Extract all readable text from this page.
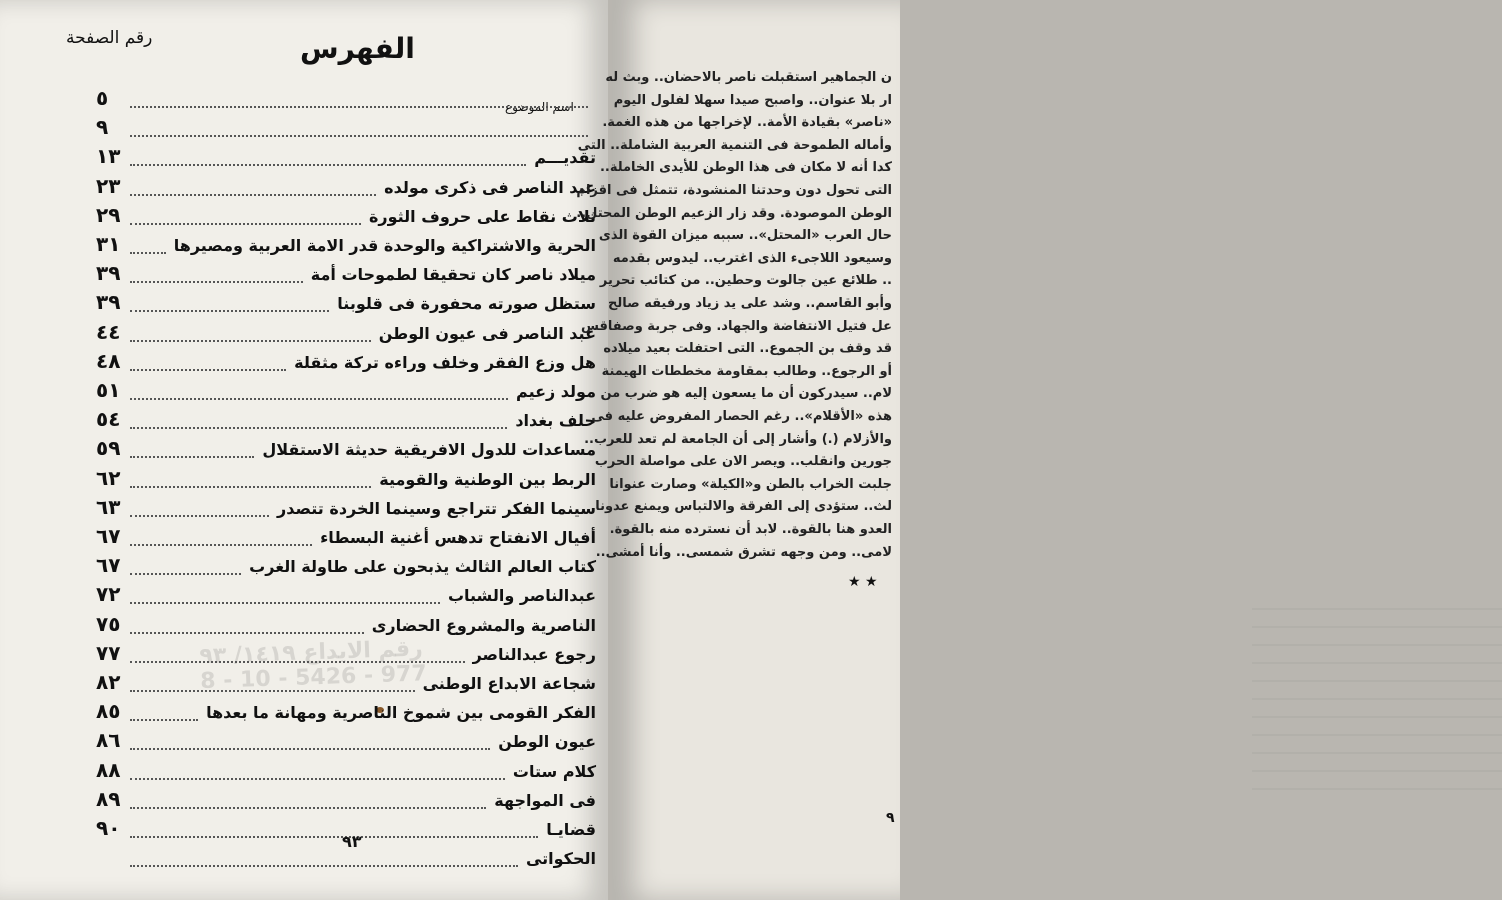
الفهرس
رقم الصفحة
اسم الموضوع
رقم الايداع ١٤١٩/ ٩٣ 977 - 5426 - 10 - 8
٥
٩
١٣	تقديـــم
٢٣	عبد الناصر فى ذكرى مولده
٢٩	ثلاث نقاط على حروف الثورة
٣١	الحرية والاشتراكية والوحدة قدر الامة العربية ومصيرها
٣٩	ميلاد ناصر كان تحقيقا لطموحات أمة
٣٩	ستظل صورته محفورة فى قلوبنا
٤٤	عبد الناصر فى عيون الوطن
٤٨	هل وزع الفقر وخلف وراءه تركة مثقلة
٥١	مولد زعيم
٥٤	حلف بغداد
٥٩	مساعدات للدول الافريقية حديثة الاستقلال
٦٢	الربط بين الوطنية والقومية
٦٣	سينما الفكر تتراجع وسينما الخردة تتصدر
٦٧	أفيال الانفتاح تدهس أغنية البسطاء
٦٧	كتاب العالم الثالث يذبحون على طاولة الغرب
٧٢	عبدالناصر والشباب
٧٥	الناصرية والمشروع الحضارى
٧٧	رجوع عبدالناصر
٨٢	شجاعة الابداع الوطنى
٨٥	الفكر القومى بين شموخ الناصرية ومهانة ما بعدها
٨٦	عيون الوطن
٨٨	كلام ستات
٨٩	فى المواجهة
٩٠	قضايـا
الحكواتى
٩٣
ن الجماهير استقبلت ناصر بالاحضان.. وبث له
ار بلا عنوان.. واصبح صيدا سهلا لفلول اليوم
«ناصر» بقيادة الأمة.. لإخراجها من هذه الغمة.
وأماله الطموحة فى التنمية العربية الشاملة.. التى
كدا أنه لا مكان فى هذا الوطن للأيدى الخاملة..
التى تحول دون وحدتنا المنشودة، تتمثل فى اقزام
الوطن الموصودة. وقد زار الزعيم الوطن المحتل..
حال العرب «المحتل».. سببه ميزان القوة الذى
وسيعود اللاجىء الذى اغترب.. ليدوس بقدمه
.. طلائع عين جالوت وحطين.. من كتائب تحرير
وأبو القاسم.. وشد على يد زياد ورفيقه صالح
عل فتيل الانتفاضة والجهاد. وفى جربة وصفاقس
قد وقف بن الجموع.. التى احتفلت بعيد ميلاده
أو الرجوع.. وطالب بمقاومة مخططات الهيمنة
لام.. سيدركون أن ما يسعون إليه هو ضرب من
هذه «الأقلام».. رغم الحصار المفروض عليه فى
والأزلام (.) وأشار إلى أن الجامعة لم تعد للعرب..
جورين وانقلب.. ويصر الان على مواصلة الحرب
جلبت الخراب بالطن و«الكيلة» وصارت عنوانا
لث.. ستؤدى إلى الفرقة والالتباس ويمنع عدونا
العدو هنا بالقوة.. لابد أن نسترده منه بالقوة.
لامى.. ومن وجهه تشرق شمسى.. وأنا أمشى..
★ ★
٩
